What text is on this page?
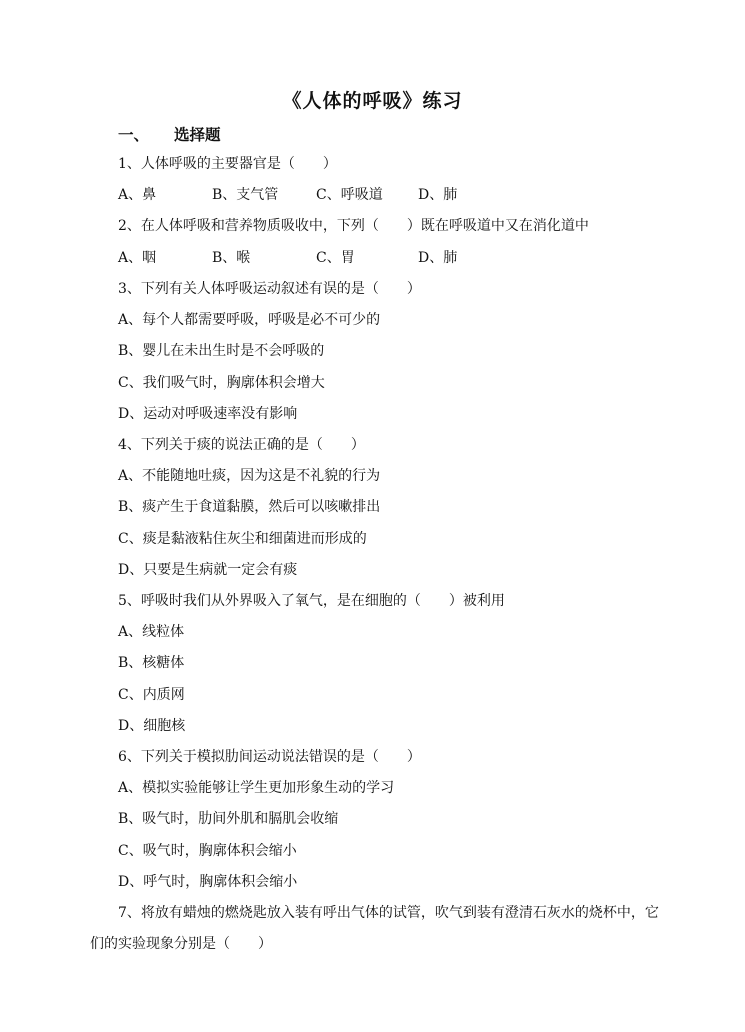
《人体的呼吸》练习
一、 选择题
1、人体呼吸的主要器官是（　　）
A、鼻	B、支气管	C、呼吸道	D、肺
2、在人体呼吸和营养物质吸收中，下列（　　）既在呼吸道中又在消化道中
A、咽	B、喉	C、胃	D、肺
3、下列有关人体呼吸运动叙述有误的是（　　）
A、每个人都需要呼吸，呼吸是必不可少的
B、婴儿在未出生时是不会呼吸的
C、我们吸气时，胸廓体积会增大
D、运动对呼吸速率没有影响
4、下列关于痰的说法正确的是（　　）
A、不能随地吐痰，因为这是不礼貌的行为
B、痰产生于食道黏膜，然后可以咳嗽排出
C、痰是黏液粘住灰尘和细菌进而形成的
D、只要是生病就一定会有痰
5、呼吸时我们从外界吸入了氧气，是在细胞的（　　）被利用
A、线粒体
B、核糖体
C、内质网
D、细胞核
6、下列关于模拟肋间运动说法错误的是（　　）
A、模拟实验能够让学生更加形象生动的学习
B、吸气时，肋间外肌和膈肌会收缩
C、吸气时，胸廓体积会缩小
D、呼气时，胸廓体积会缩小
7、将放有蜡烛的燃烧匙放入装有呼出气体的试管，吹气到装有澄清石灰水的烧杯中，它
们的实验现象分别是（　　）
